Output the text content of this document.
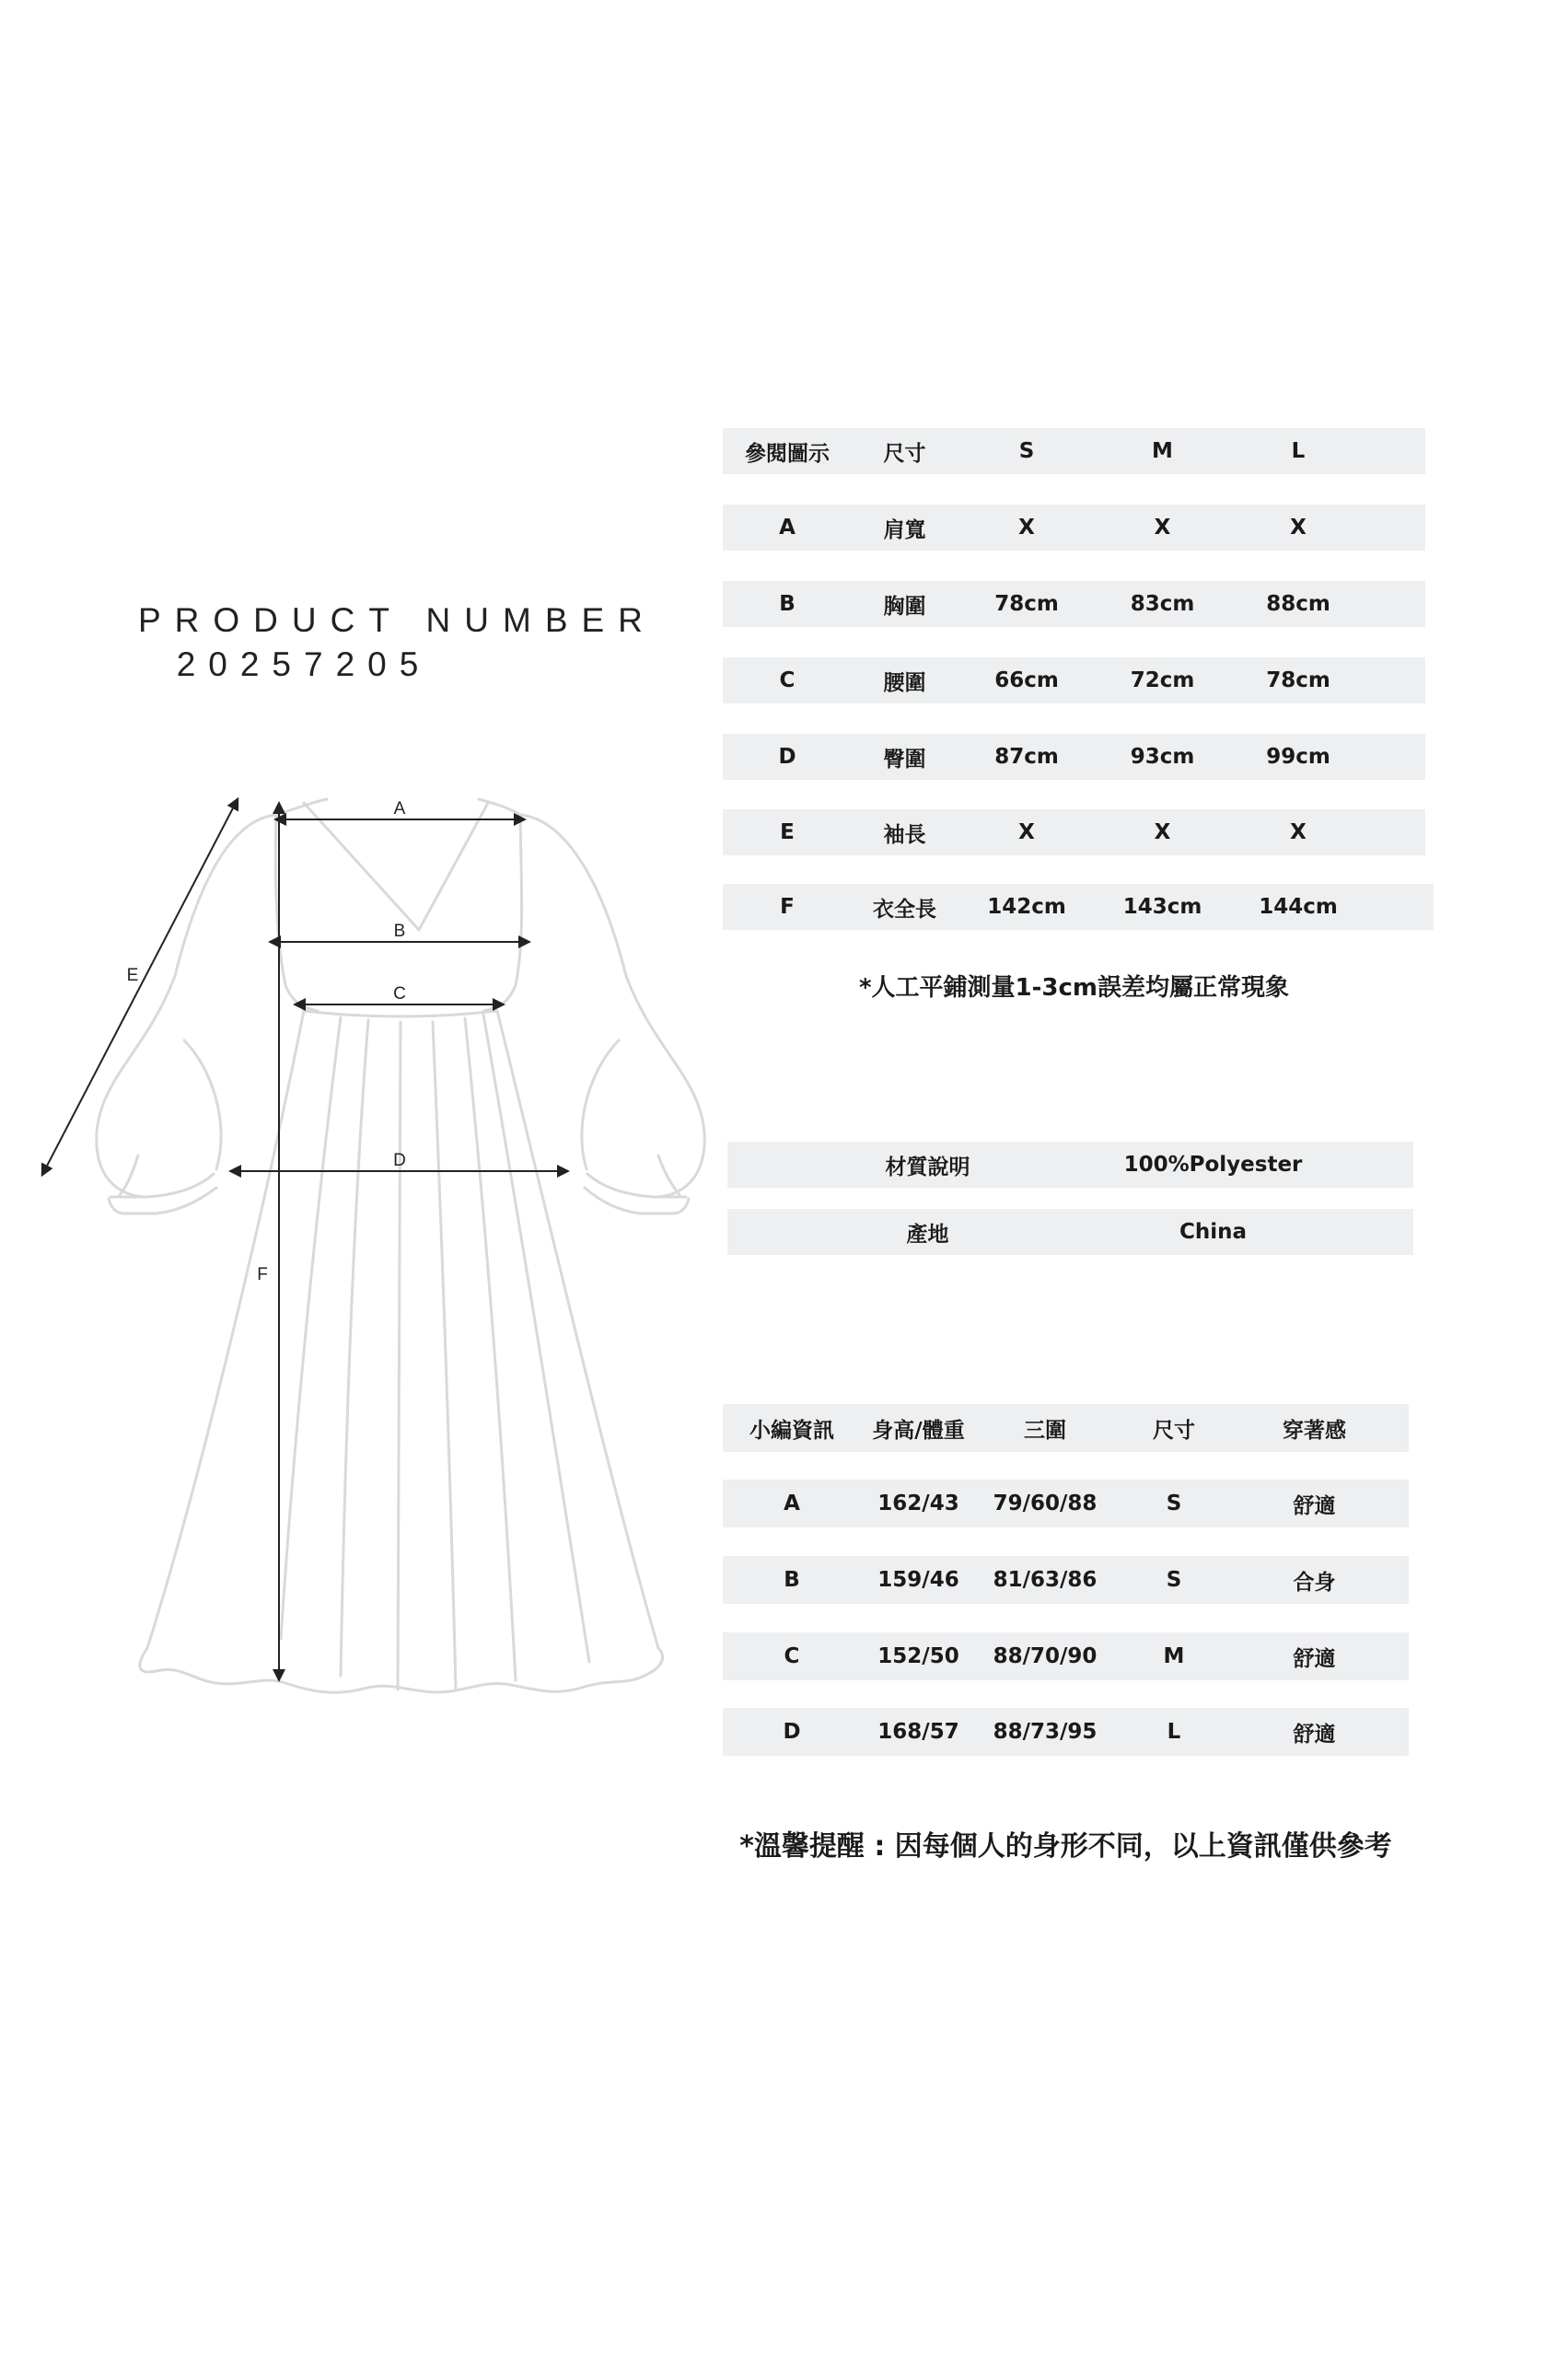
PRODUCT NUMBER
20257205
A
B
C
D
E
F
參閱圖示	尺寸	S	M	L
A	肩寬	X	X	X
B	胸圍	78cm	83cm	88cm
C	腰圍	66cm	72cm	78cm
D	臀圍	87cm	93cm	99cm
E	袖長	X	X	X
F	衣全長	142cm	143cm	144cm
*人工平鋪測量1-3cm誤差均屬正常現象
材質說明	100%Polyester
產地	China
小編資訊	身高/體重	三圍	尺寸	穿著感
A	162/43	79/60/88	S	舒適
B	159/46	81/63/86	S	合身
C	152/50	88/70/90	M	舒適
D	168/57	88/73/95	L	舒適
*溫馨提醒 : 因每個人的身形不同，以上資訊僅供參考
